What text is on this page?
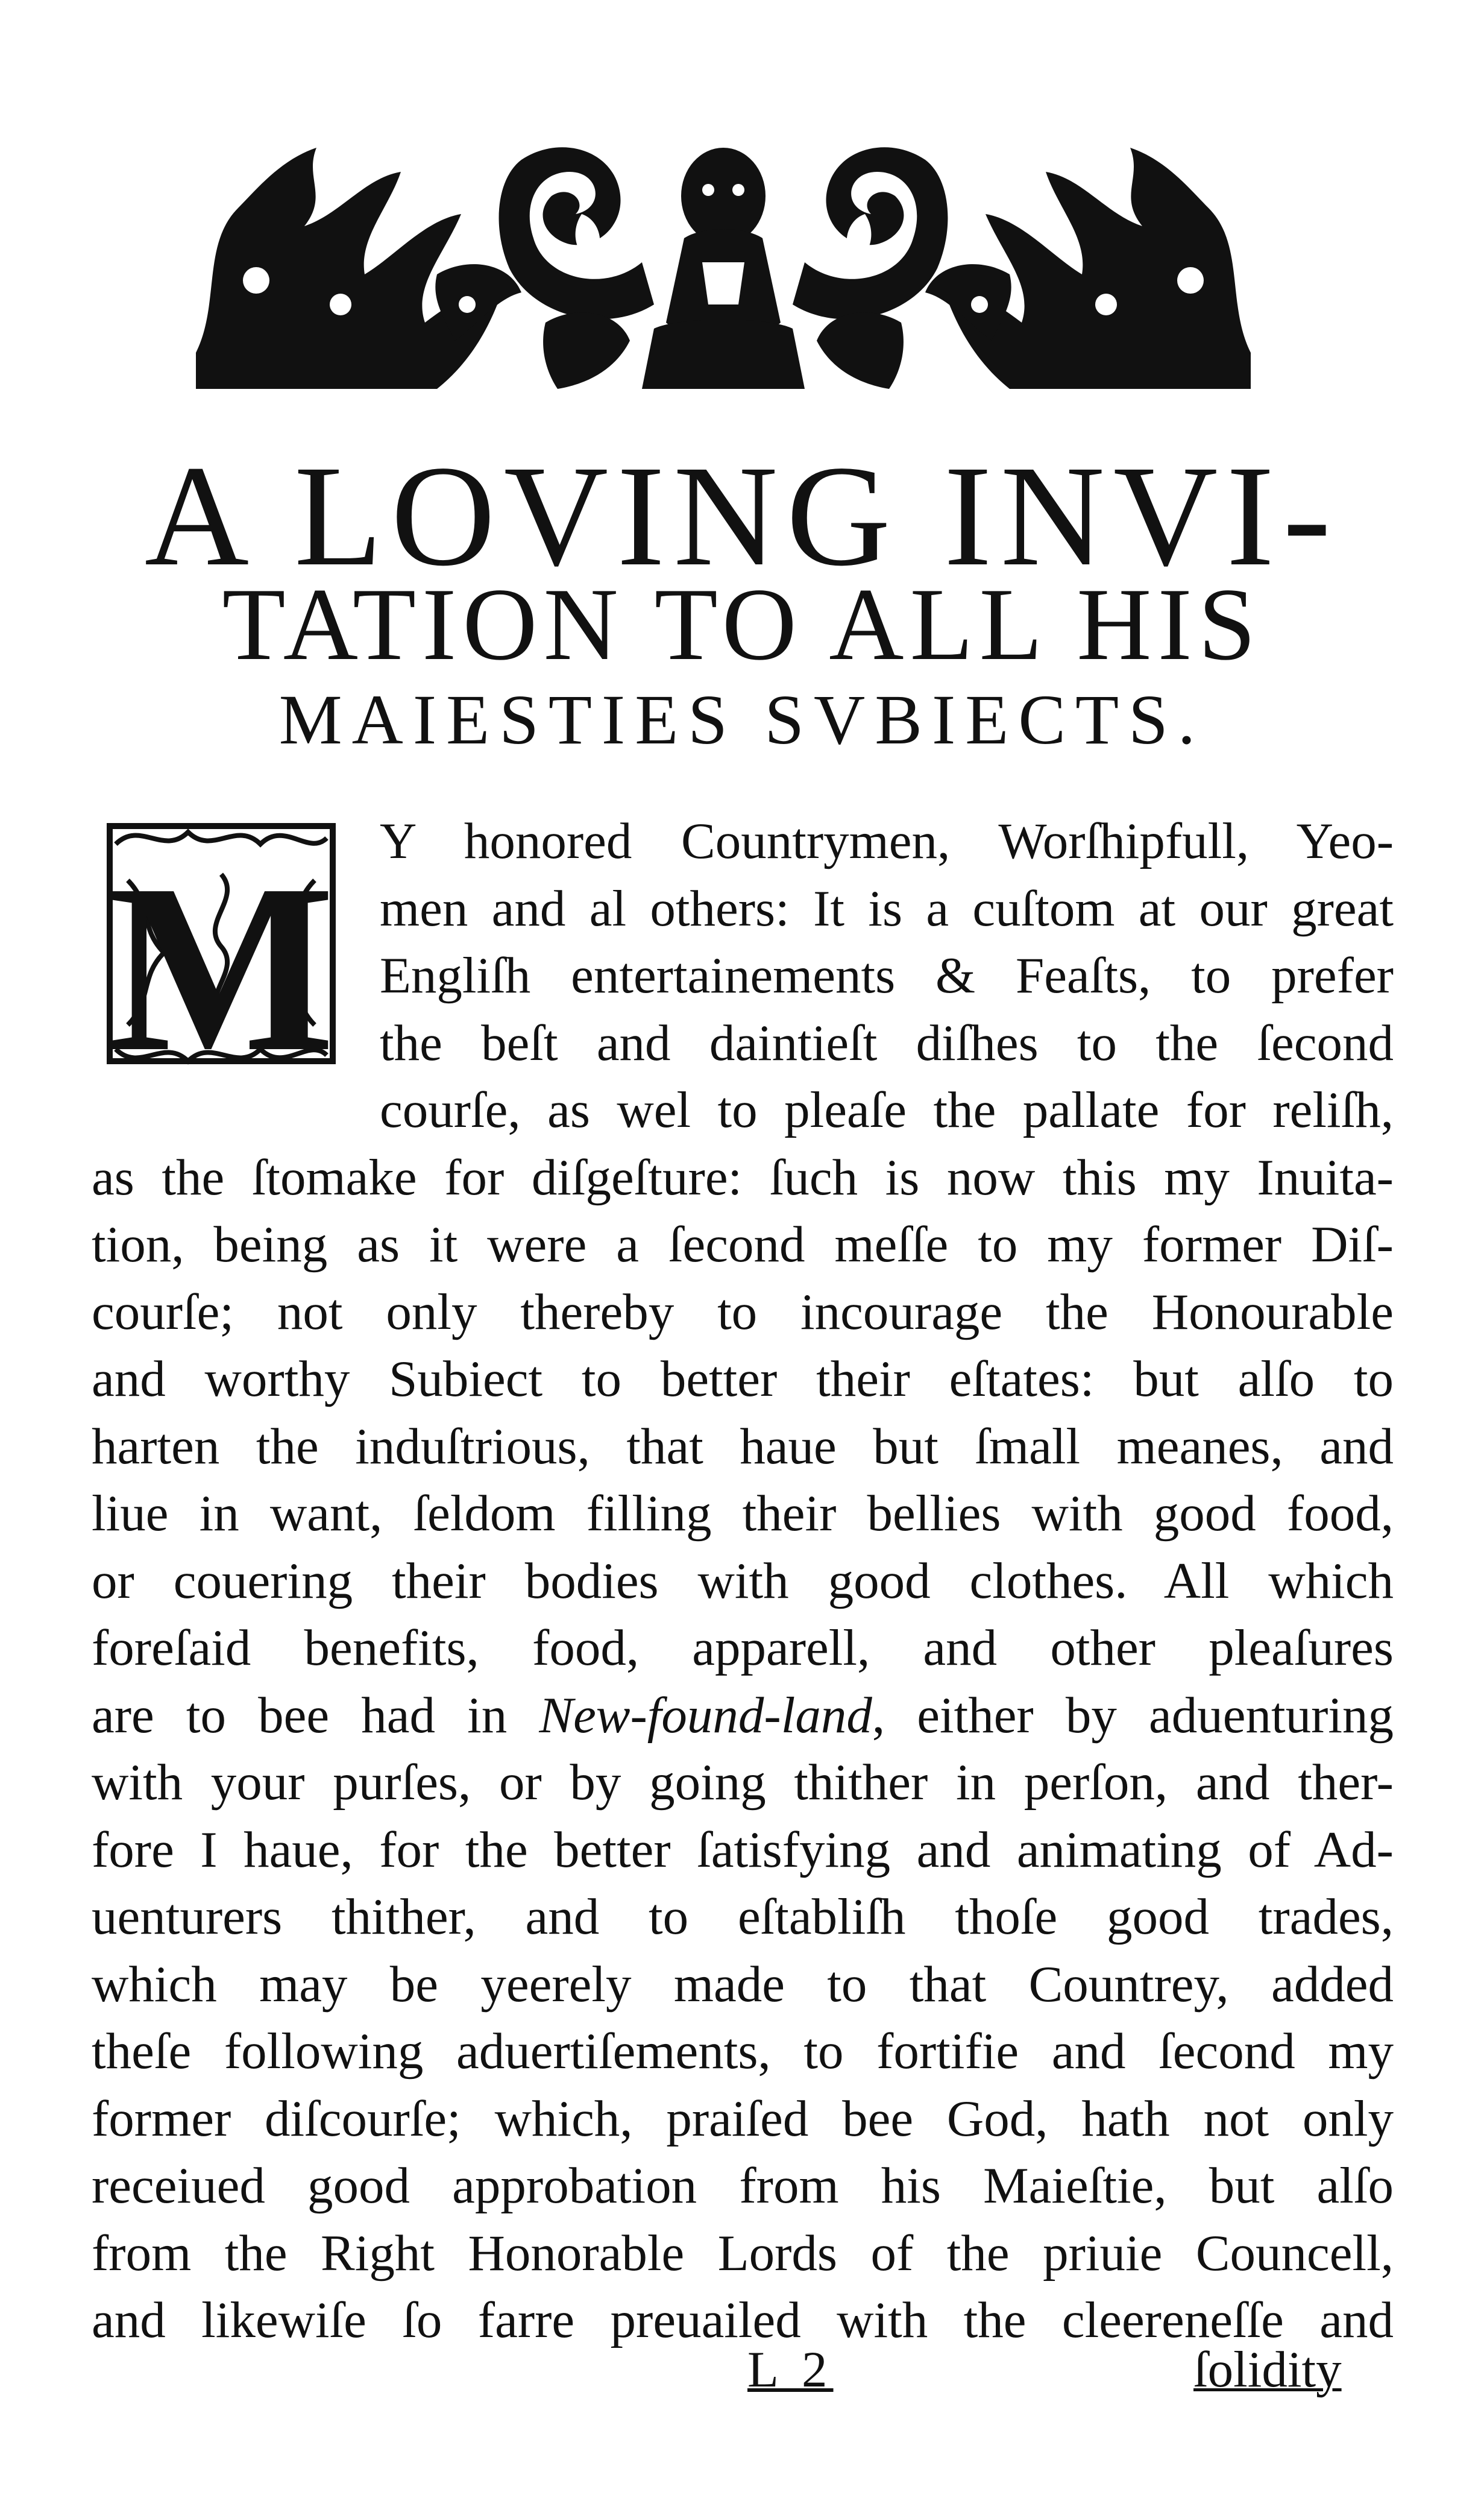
A LOVING INVI-
TATION TO ALL HIS
MAIESTIES SVBIECTS.
M Y honored Countrymen, Worſhipfull, Yeo-
men and al others: It is a cuſtom at our great
Engliſh entertainements & Feaſts, to prefer
the beſt and daintieſt diſhes to the ſecond
courſe, as wel to pleaſe the pallate for reliſh,
as the ſtomake for diſgeſture: ſuch is now this my Inuita-
tion, being as it were a ſecond meſſe to my former Diſ-
courſe; not only thereby to incourage the Honourable
and worthy Subiect to better their eſtates: but alſo to
harten the induſtrious, that haue but ſmall meanes, and
liue in want, ſeldom filling their bellies with good food,
or couering their bodies with good clothes. All which
foreſaid benefits, food, apparell, and other pleaſures
are to bee had in New-found-land, either by aduenturing
with your purſes, or by going thither in perſon, and ther-
fore I haue, for the better ſatisfying and animating of Ad-
uenturers thither, and to eſtabliſh thoſe good trades,
which may be yeerely made to that Countrey, added
theſe following aduertiſements, to fortifie and ſecond my
former diſcourſe; which, praiſed bee God, hath not only
receiued good approbation from his Maieſtie, but alſo
from the Right Honorable Lords of the priuie Councell,
and likewiſe ſo farre preuailed with the cleereneſſe and
L 2	ſolidity
